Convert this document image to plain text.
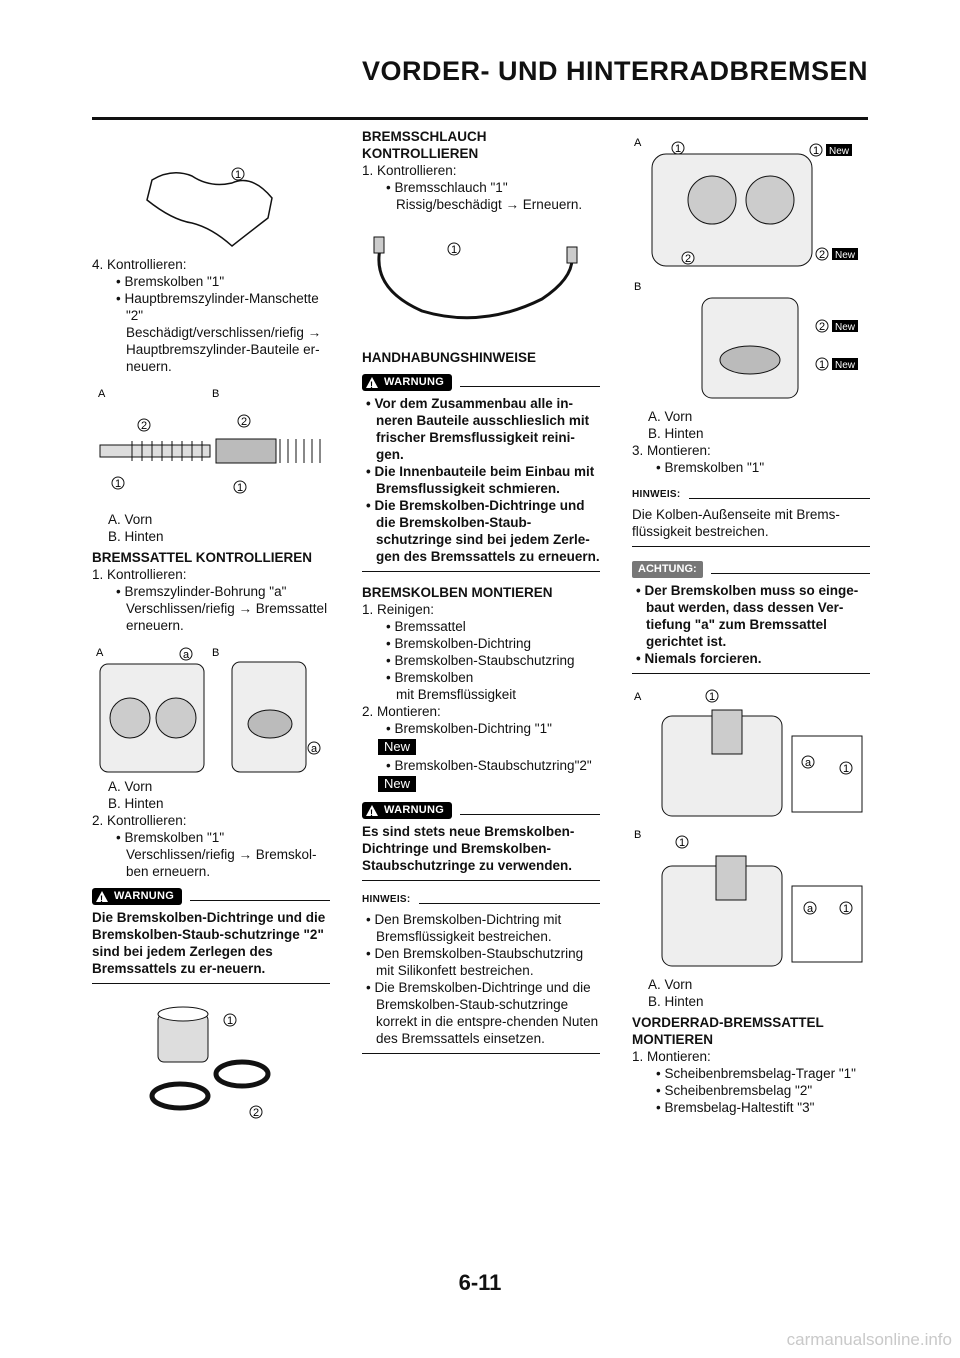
VORDER- UND HINTERRADBREMSEN
1

4. Kontrollieren:

• Bremskolben "1"

• Hauptbremszylinder-Manschette "2"

Beschädigt/verschlissen/riefig → Hauptbremszylinder-Bauteile er-neuern.

A	B
2	2
1	1

A. Vorn

B. Hinten

BREMSSATTEL KONTROLLIEREN

1. Kontrollieren:

• Bremszylinder-Bohrung "a"

Verschlissen/riefig → Bremssattel erneuern.

A	B
a
a

A. Vorn

B. Hinten

2. Kontrollieren:

• Bremskolben "1"

Verschlissen/riefig → Bremskol-ben erneuern.

!
WARNUNG

Die Bremskolben-Dichtringe und die Bremskolben-Staub-schutzringe "2" sind bei jedem Zerlegen des Bremssattels zu er-neuern.

1
2

BREMSSCHLAUCH KONTROLLIEREN

1. Kontrollieren:

• Bremsschlauch "1"

Rissig/beschädigt → Erneuern.

1

HANDHABUNGSHINWEISE

!
WARNUNG

• Vor dem Zusammenbau alle in-neren Bauteile ausschlieslich mit frischer Bremsflussigkeit reini-gen.

• Die Innenbauteile beim Einbau mit Bremsflussigkeit schmieren.

• Die Bremskolben-Dichtringe und die Bremskolben-Staub-schutzringe sind bei jedem Zerle-gen des Bremssattels zu erneuern.

BREMSKOLBEN MONTIEREN

1. Reinigen:

• Bremssattel

• Bremskolben-Dichtring

• Bremskolben-Staubschutzring

• Bremskolben

mit Bremsflüssigkeit

2. Montieren:

• Bremskolben-Dichtring "1"

New

• Bremskolben-Staubschutzring"2"

New
!
WARNUNG

Es sind stets neue Bremskolben-Dichtringe und Bremskolben-Staubschutzringe zu verwenden.

HINWEIS:

• Den Bremskolben-Dichtring mit Bremsflüssigkeit bestreichen.

• Den Bremskolben-Staubschutzring mit Silikonfett bestreichen.

• Die Bremskolben-Dichtringe und die Bremskolben-Staub-schutzringe korrekt in die entspre-chenden Nuten des Bremssattels einsetzen.

A	1	1 New
2	2 New
B
2 New
1 New

A. Vorn

B. Hinten

3. Montieren:

• Bremskolben "1"

HINWEIS:

Die Kolben-Außenseite mit Brems-flüssigkeit bestreichen.

ACHTUNG:

• Der Bremskolben muss so einge-baut werden, dass dessen Ver-tiefung "a" zum Bremssattel gerichtet ist.

• Niemals forcieren.

A	1
a	1
B
1
a	1

A. Vorn

B. Hinten

VORDERRAD-BREMSSATTEL MONTIEREN

1. Montieren:

• Scheibenbremsbelag-Trager "1"

• Scheibenbremsbelag "2"

• Bremsbelag-Haltestift "3"

6-11
carmanualsonline.info
